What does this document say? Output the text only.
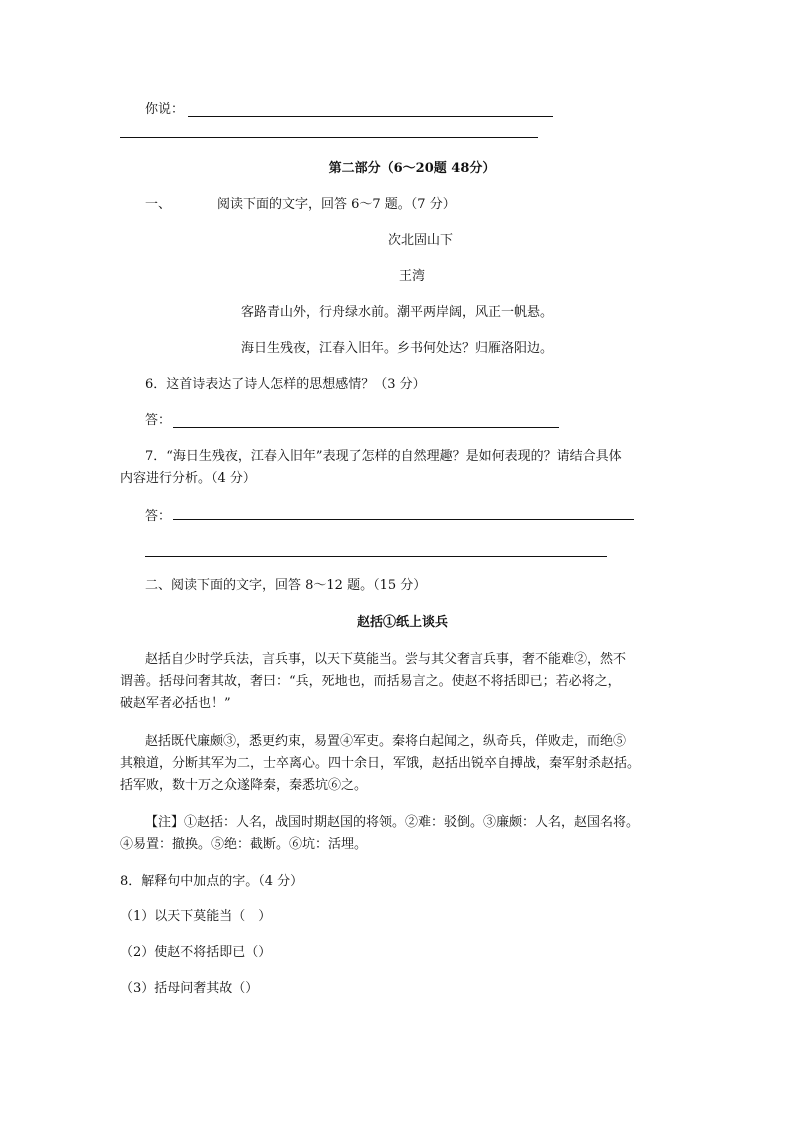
你说：
第二部分（6～20题 48分）
一、	阅读下面的文字，回答 6～7 题。（7 分）
次北固山下
王湾
客路青山外，行舟绿水前。潮平两岸阔，风正一帆悬。
海日生残夜，江春入旧年。乡书何处达？归雁洛阳边。
6．这首诗表达了诗人怎样的思想感情？（3 分）
答：
7．“海日生残夜，江春入旧年”表现了怎样的自然理趣？是如何表现的？请结合具体
内容进行分析。（4 分）
答：
二、阅读下面的文字，回答 8～12 题。（15 分）
赵括①纸上谈兵
赵括自少时学兵法，言兵事，以天下莫能当。尝与其父奢言兵事，奢不能难②，然不
谓善。括母问奢其故，奢曰：“兵，死地也，而括易言之。使赵不将括即已；若必将之，
破赵军者必括也！”
赵括既代廉颇③，悉更约束，易置④军吏。秦将白起闻之，纵奇兵，佯败走，而绝⑤
其粮道，分断其军为二，士卒离心。四十余日，军饿，赵括出锐卒自搏战，秦军射杀赵括。
括军败，数十万之众遂降秦，秦悉坑⑥之。
【注】①赵括：人名，战国时期赵国的将领。②难：驳倒。③廉颇：人名，赵国名将。
④易置：撤换。⑤绝：截断。⑥坑：活埋。
8．解释句中加点的字。（4 分）
（1）以天下莫能当（　）
（2）使赵不将括即已（）
（3）括母问奢其故（）
